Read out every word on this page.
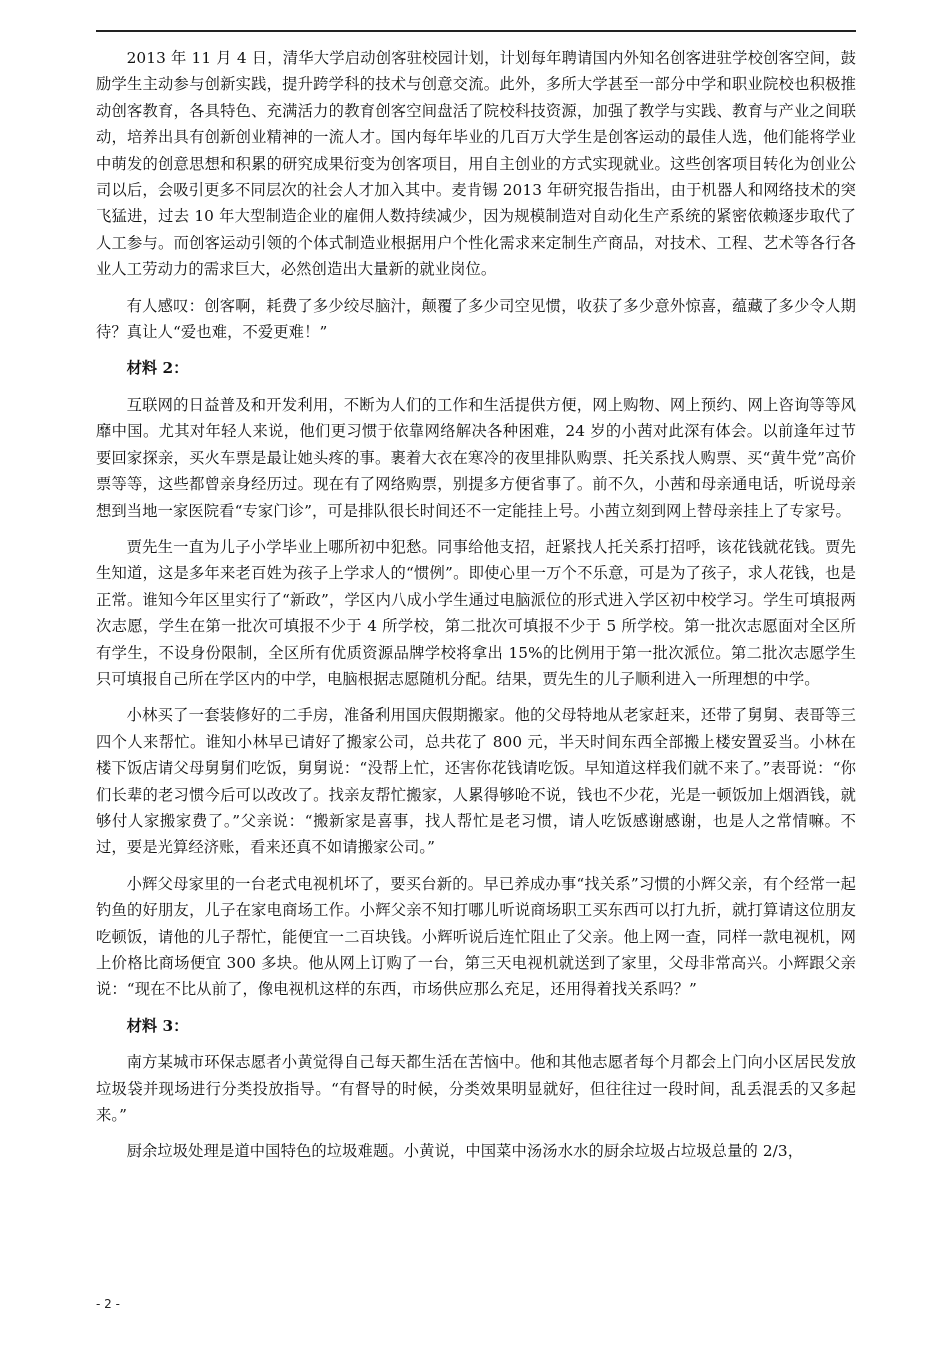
2013 年 11 月 4 日，清华大学启动创客驻校园计划，计划每年聘请国内外知名创客进驻学校创客空间，鼓励学生主动参与创新实践，提升跨学科的技术与创意交流。此外，多所大学甚至一部分中学和职业院校也积极推动创客教育，各具特色、充满活力的教育创客空间盘活了院校科技资源，加强了教学与实践、教育与产业之间联动，培养出具有创新创业精神的一流人才。国内每年毕业的几百万大学生是创客运动的最佳人选，他们能将学业中萌发的创意思想和积累的研究成果衍变为创客项目，用自主创业的方式实现就业。这些创客项目转化为创业公司以后，会吸引更多不同层次的社会人才加入其中。麦肯锡 2013 年研究报告指出，由于机器人和网络技术的突飞猛进，过去 10 年大型制造企业的雇佣人数持续减少，因为规模制造对自动化生产系统的紧密依赖逐步取代了人工参与。而创客运动引领的个体式制造业根据用户个性化需求来定制生产商品，对技术、工程、艺术等各行各业人工劳动力的需求巨大，必然创造出大量新的就业岗位。

有人感叹：创客啊，耗费了多少绞尽脑汁，颠覆了多少司空见惯，收获了多少意外惊喜，蕴藏了多少令人期待？真让人“爱也难，不爱更难！”

材料 2：

互联网的日益普及和开发利用，不断为人们的工作和生活提供方便，网上购物、网上预约、网上咨询等等风靡中国。尤其对年轻人来说，他们更习惯于依靠网络解决各种困难，24 岁的小茜对此深有体会。以前逢年过节要回家探亲，买火车票是最让她头疼的事。裹着大衣在寒冷的夜里排队购票、托关系找人购票、买“黄牛党”高价票等等，这些都曾亲身经历过。现在有了网络购票，别提多方便省事了。前不久，小茜和母亲通电话，听说母亲想到当地一家医院看“专家门诊”，可是排队很长时间还不一定能挂上号。小茜立刻到网上替母亲挂上了专家号。

贾先生一直为儿子小学毕业上哪所初中犯愁。同事给他支招，赶紧找人托关系打招呼，该花钱就花钱。贾先生知道，这是多年来老百姓为孩子上学求人的“惯例”。即使心里一万个不乐意，可是为了孩子，求人花钱，也是正常。谁知今年区里实行了“新政”，学区内八成小学生通过电脑派位的形式进入学区初中校学习。学生可填报两次志愿，学生在第一批次可填报不少于 4 所学校，第二批次可填报不少于 5 所学校。第一批次志愿面对全区所有学生，不设身份限制，全区所有优质资源品牌学校将拿出 15%的比例用于第一批次派位。第二批次志愿学生只可填报自己所在学区内的中学，电脑根据志愿随机分配。结果，贾先生的儿子顺利进入一所理想的中学。

小林买了一套装修好的二手房，准备利用国庆假期搬家。他的父母特地从老家赶来，还带了舅舅、表哥等三四个人来帮忙。谁知小林早已请好了搬家公司，总共花了 800 元，半天时间东西全部搬上楼安置妥当。小林在楼下饭店请父母舅舅们吃饭，舅舅说：“没帮上忙，还害你花钱请吃饭。早知道这样我们就不来了。”表哥说：“你们长辈的老习惯今后可以改改了。找亲友帮忙搬家，人累得够呛不说，钱也不少花，光是一顿饭加上烟酒钱，就够付人家搬家费了。”父亲说：“搬新家是喜事，找人帮忙是老习惯，请人吃饭感谢感谢，也是人之常情嘛。不过，要是光算经济账，看来还真不如请搬家公司。”

小辉父母家里的一台老式电视机坏了，要买台新的。早已养成办事“找关系”习惯的小辉父亲，有个经常一起钓鱼的好朋友，儿子在家电商场工作。小辉父亲不知打哪儿听说商场职工买东西可以打九折，就打算请这位朋友吃顿饭，请他的儿子帮忙，能便宜一二百块钱。小辉听说后连忙阻止了父亲。他上网一查，同样一款电视机，网上价格比商场便宜 300 多块。他从网上订购了一台，第三天电视机就送到了家里，父母非常高兴。小辉跟父亲说：“现在不比从前了，像电视机这样的东西，市场供应那么充足，还用得着找关系吗？”

材料 3：

南方某城市环保志愿者小黄觉得自己每天都生活在苦恼中。他和其他志愿者每个月都会上门向小区居民发放垃圾袋并现场进行分类投放指导。“有督导的时候，分类效果明显就好，但往往过一段时间，乱丢混丢的又多起来。”

厨余垃圾处理是道中国特色的垃圾难题。小黄说，中国菜中汤汤水水的厨余垃圾占垃圾总量的 2/3，

- 2 -
